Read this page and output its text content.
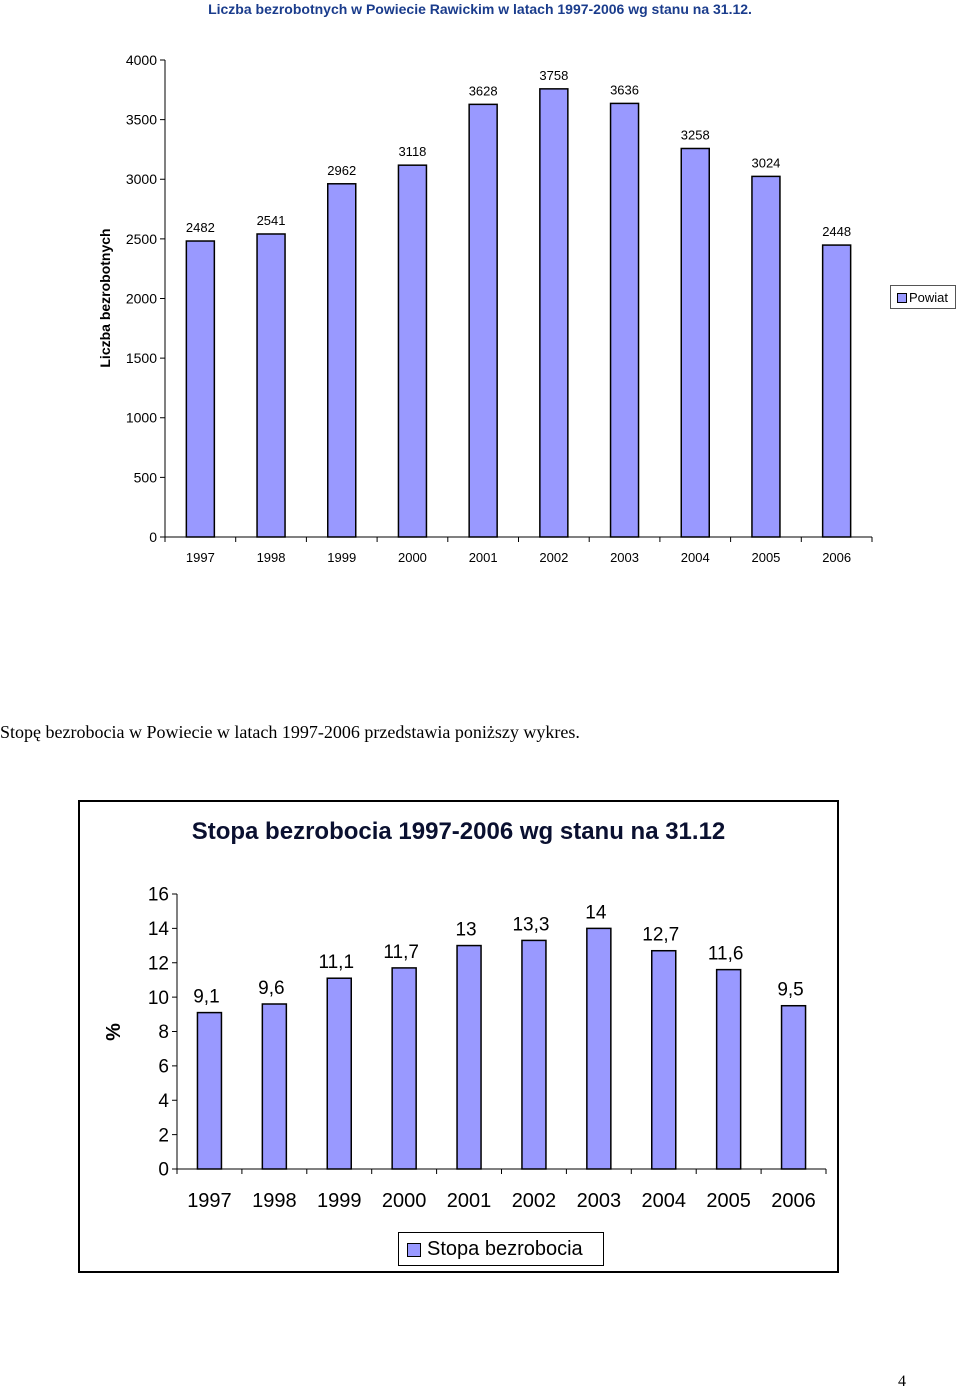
Liczba bezrobotnych w Powiecie Rawickim w latach 1997-2006 wg stanu na 31.12.
0
500
1000
1500
2000
2500
3000
3500
4000
2482
1997
2541
1998
2962
1999
3118
2000
3628
2001
3758
2002
3636
2003
3258
2004
3024
2005
2448
2006
Liczba bezrobotnych	Powiat
Stopę bezrobocia w Powiecie w latach 1997-2006 przedstawia poniższy wykres.
Stopa bezrobocia 1997-2006 wg stanu na 31.12
0
2
4
6
8
10
12
14
16
9,1
1997
9,6
1998
11,1
1999
11,7
2000
13
2001
13,3
2002
14
2003
12,7
2004
11,6
2005
9,5
2006
%
Stopa bezrobocia
4
